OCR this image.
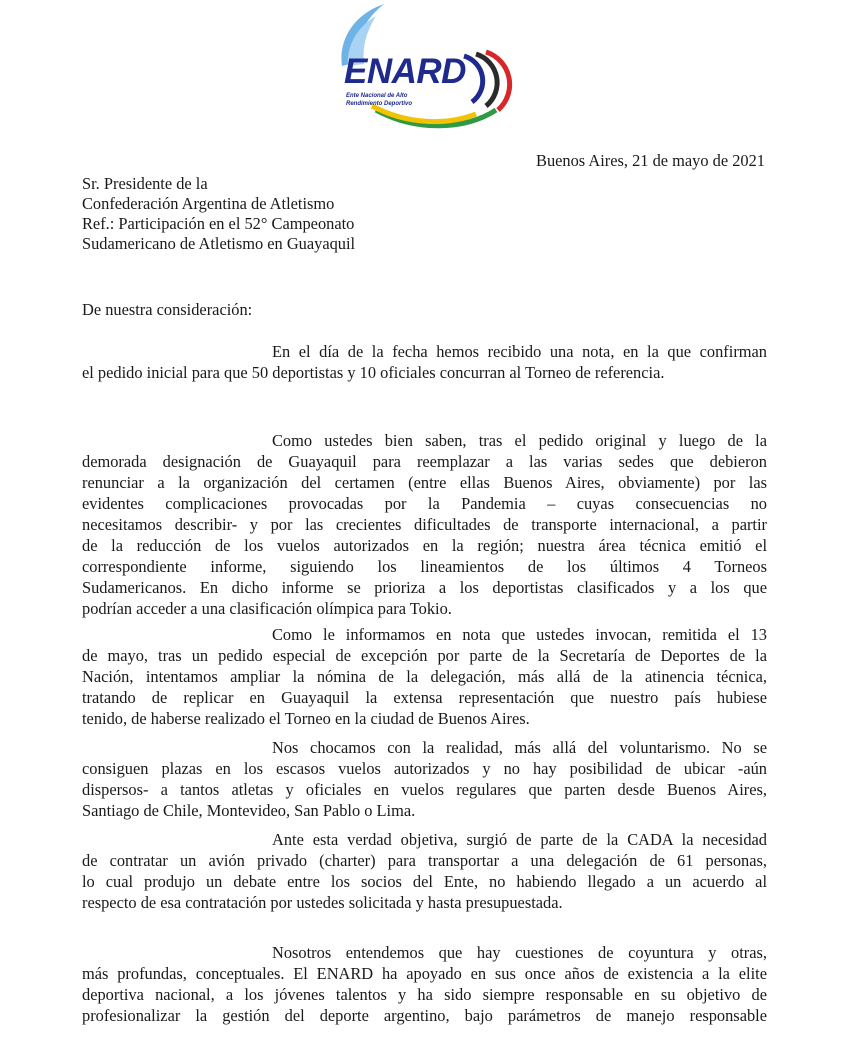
ENARD
Ente Nacional de Alto
Rendimiento Deportivo
Buenos Aires, 21 de mayo de 2021
Sr. Presidente de la
Confederación Argentina de Atletismo
Ref.: Participación en el 52° Campeonato
Sudamericano de Atletismo en Guayaquil
De nuestra consideración:
En el día de la fecha hemos recibido una nota, en la que confirman
el pedido inicial para que 50 deportistas y 10 oficiales concurran al Torneo de referencia.
Como ustedes bien saben, tras el pedido original y luego de la
demorada designación de Guayaquil para reemplazar a las varias sedes que debieron
renunciar a la organización del certamen (entre ellas Buenos Aires, obviamente) por las
evidentes complicaciones provocadas por la Pandemia – cuyas consecuencias no
necesitamos describir- y por las crecientes dificultades de transporte internacional, a partir
de la reducción de los vuelos autorizados en la región; nuestra área técnica emitió el
correspondiente informe, siguiendo los lineamientos de los últimos 4 Torneos
Sudamericanos. En dicho informe se prioriza a los deportistas clasificados y a los que
podrían acceder a una clasificación olímpica para Tokio.
Como le informamos en nota que ustedes invocan, remitida el 13
de mayo, tras un pedido especial de excepción por parte de la Secretaría de Deportes de la
Nación, intentamos ampliar la nómina de la delegación, más allá de la atinencia técnica,
tratando de replicar en Guayaquil la extensa representación que nuestro país hubiese
tenido, de haberse realizado el Torneo en la ciudad de Buenos Aires.
Nos chocamos con la realidad, más allá del voluntarismo. No se
consiguen plazas en los escasos vuelos autorizados y no hay posibilidad de ubicar -aún
dispersos- a tantos atletas y oficiales en vuelos regulares que parten desde Buenos Aires,
Santiago de Chile, Montevideo, San Pablo o Lima.
Ante esta verdad objetiva, surgió de parte de la CADA la necesidad
de contratar un avión privado (charter) para transportar a una delegación de 61 personas,
lo cual produjo un debate entre los socios del Ente, no habiendo llegado a un acuerdo al
respecto de esa contratación por ustedes solicitada y hasta presupuestada.
Nosotros entendemos que hay cuestiones de coyuntura y otras,
más profundas, conceptuales. El ENARD ha apoyado en sus once años de existencia a la elite
deportiva nacional, a los jóvenes talentos y ha sido siempre responsable en su objetivo de
profesionalizar la gestión del deporte argentino, bajo parámetros de manejo responsable
